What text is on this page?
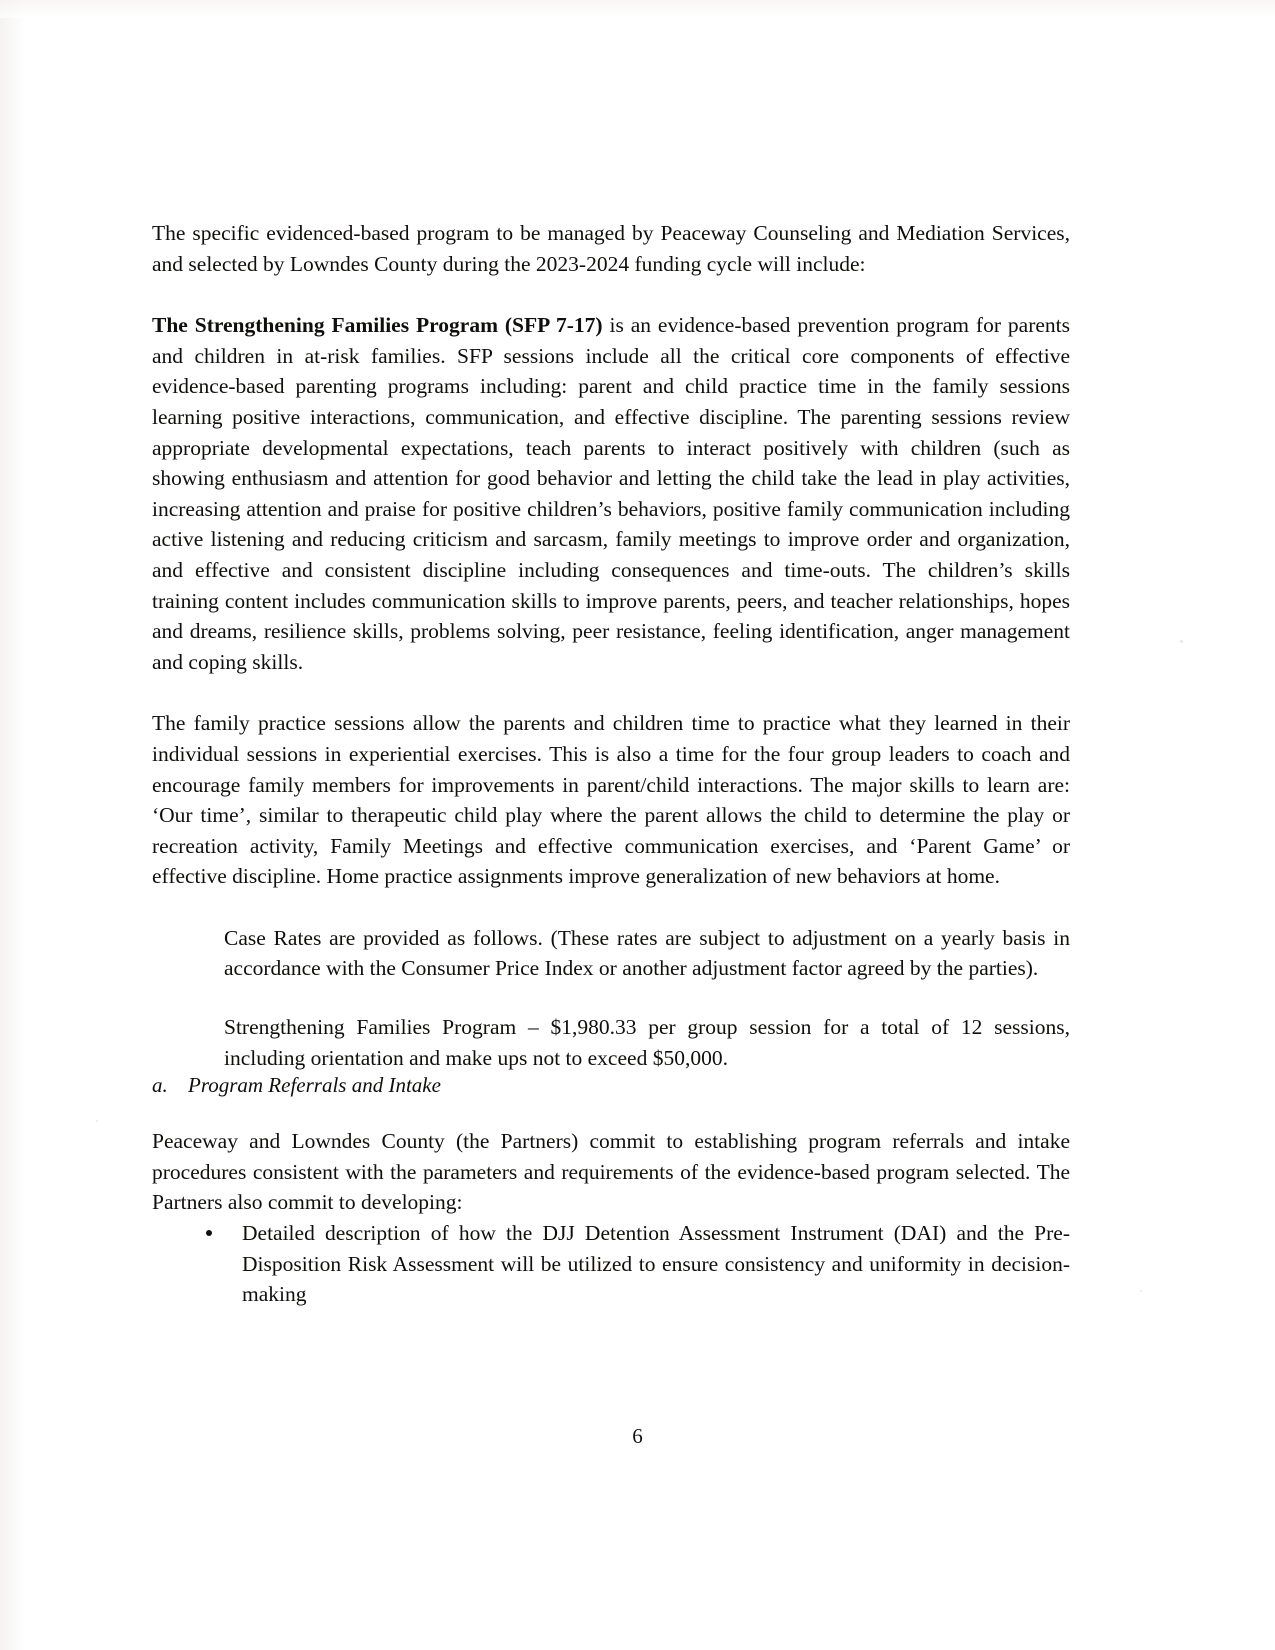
The specific evidenced-based program to be managed by Peaceway Counseling and Mediation Services, and selected by Lowndes County during the 2023-2024 funding cycle will include:

The Strengthening Families Program (SFP 7-17) is an evidence-based prevention program for parents and children in at-risk families. SFP sessions include all the critical core components of effective evidence-based parenting programs including: parent and child practice time in the family sessions learning positive interactions, communication, and effective discipline. The parenting sessions review appropriate developmental expectations, teach parents to interact positively with children (such as showing enthusiasm and attention for good behavior and letting the child take the lead in play activities, increasing attention and praise for positive children’s behaviors, positive family communication including active listening and reducing criticism and sarcasm, family meetings to improve order and organization, and effective and consistent discipline including consequences and time-outs. The children’s skills training content includes communication skills to improve parents, peers, and teacher relationships, hopes and dreams, resilience skills, problems solving, peer resistance, feeling identification, anger management and coping skills.

The family practice sessions allow the parents and children time to practice what they learned in their individual sessions in experiential exercises. This is also a time for the four group leaders to coach and encourage family members for improvements in parent/child interactions. The major skills to learn are: ‘Our time’, similar to therapeutic child play where the parent allows the child to determine the play or recreation activity, Family Meetings and effective communication exercises, and ‘Parent Game’ or effective discipline. Home practice assignments improve generalization of new behaviors at home.

Case Rates are provided as follows. (These rates are subject to adjustment on a yearly basis in accordance with the Consumer Price Index or another adjustment factor agreed by the parties).

Strengthening Families Program – $1,980.33 per group session for a total of 12 sessions, including orientation and make ups not to exceed $50,000.

a. Program Referrals and Intake

Peaceway and Lowndes County (the Partners) commit to establishing program referrals and intake procedures consistent with the parameters and requirements of the evidence-based program selected. The Partners also commit to developing:

Detailed description of how the DJJ Detention Assessment Instrument (DAI) and the Pre-Disposition Risk Assessment will be utilized to ensure consistency and uniformity in decision-making
6
